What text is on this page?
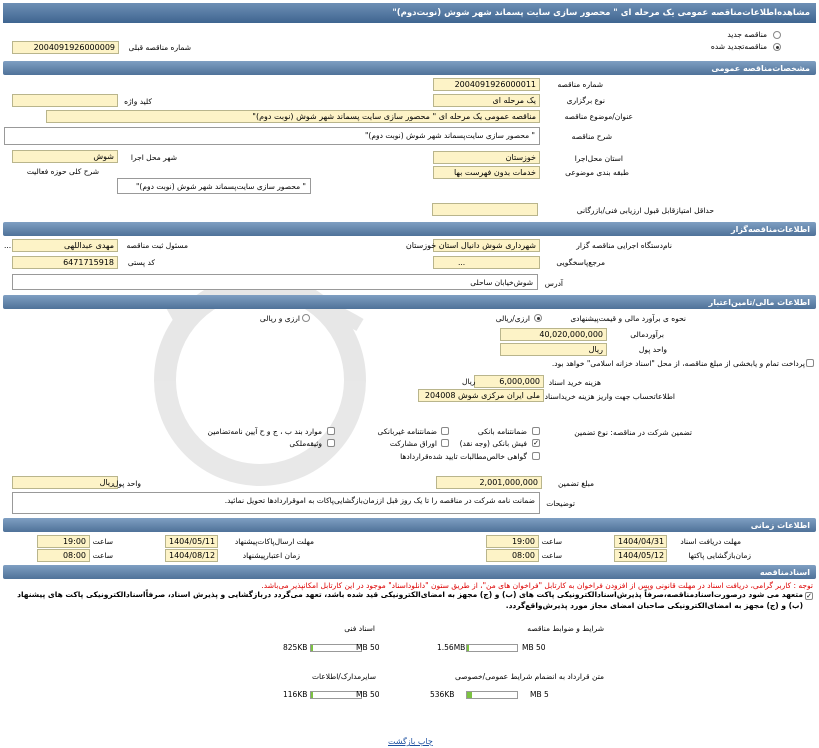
مشاهده‌اطلاعات‌مناقصه عمومی یک مرحله ای " محصور سازی سایت پسماند شهر شوش (نوبت‌دوم)"
مناقصه جدید
مناقصه‌تجدید شده
2004091926000009	شماره مناقصه قبلی
مشخصات‌مناقصه عمومی
2004091926000011	شماره مناقصه
یک مرحله ای	نوع برگزاری
کلید واژه
مناقصه عمومی یک مرحله ای " محصور سازی سایت پسماند شهر شوش (نوبت دوم)"	عنوان/موضوع مناقصه
" محصور سازی سایت‌پسماند شهر شوش (نوبت دوم)"	شرح مناقصه
خوزستان	استان محل‌اجرا
شوش	شهر محل اجرا
خدمات بدون فهرست بها	طبقه بندی موضوعی
شرح کلی حوزه فعالیت
" محصور سازی سایت‌پسماند شهر شوش (نوبت دوم)"
حداقل امتیازقابل قبول ارزیابی فنی/بازرگانی
اطلاعات‌مناقصه‌گزار
شهرداری شوش دانیال استان خوزستان	نام‌دستگاه اجرایی مناقصه گزار
...	مهدی عبداللهی	مسئول ثبت مناقصه
مرجع‌پاسخگویی
...
6471715918	کد پستی
شوش‌خیابان ساحلی	آدرس
اطلاعات مالی/تامین‌اعتبار
نحوه ی برآورد مالی و قیمت‌پیشنهادی
ارزی/ریالی
ارزی و ریالی
40,020,000,000	برآوردمالی
ریال	واحد پول
پرداخت تمام و یابخشی از مبلغ مناقصه، از محل "اسناد خزانه اسلامی" خواهد بود.
6,000,000
ریال	هزینه خرید اسناد
ملی ایران مرکزی شوش 204008 اطلاعاتحساب جهت واریز هزینه خریداسناد
تضمین شرکت در مناقصه:
نوع تضمین
ضمانتنامه بانکی
ضمانتنامه غیربانکی
موارد بند ب ، ج و ح آیین نامه‌تضامین
✓
فیش بانکی (وجه نقد)
اوراق مشارکت
وثیقه‌ملکی
گواهی خالص‌مطالبات تایید شده‌قراردادها
2,001,000,000	مبلغ تضمین
ریال
واحد پول
ضمانت نامه شرکت در مناقصه را تا یک روز قبل ازز‌مان‌بازگشایی‌پاکات به اموقراردادها تحویل نمائید.	توضیحات
اطلاعات زمانی
1404/04/31	مهلت دریافت اسناد
19:00 ساعت
1404/05/11	مهلت ارسال‌پاکات‌پیشنهاد
19:00 ساعت
1404/05/12	زمان‌بازگشایی پاکتها
08:00 ساعت
1404/08/12	زمان اعتبارپیشنهاد
08:00 ساعت
اسنادمناقصه
توجه : کاربر گرامی، دریافت اسناد در مهلت قانونی وپس از افزودن فراخوان به کارتابل "فراخوان های من"، از طریق ستون "دانلوداسناد" موجود در این کارتابل امکانپذیر می‌باشد.
✓
متعهد می شود درصورت‌اسنادمناقصه،صرفاً پذیرش‌اسنادالکترونیکی پاکت های (ب) و (ج) مجهز به امضای‌الکترونیکی قید شده باشد، تعهد می‌گردد دربازگشایی و پذیرش اسناد، صرفاً‌اسنادالکترونیکی پاکت های پیشنهاد (ب) و (ج) مجهز به امضای‌الکترونیکی صاحبان امضای مجاز مورد پذیرش‌واقع‌گردد.
شرایط و ضوابط مناقصه
1.56MB	50 MB
اسناد فنی
825KB	50 MB
متن قرارداد به انضمام شرایط عمومی/خصوصی
536KB	5 MB
سایرمدارک/اطلاعات
116KB	50 MB
چاپ بازگشت
